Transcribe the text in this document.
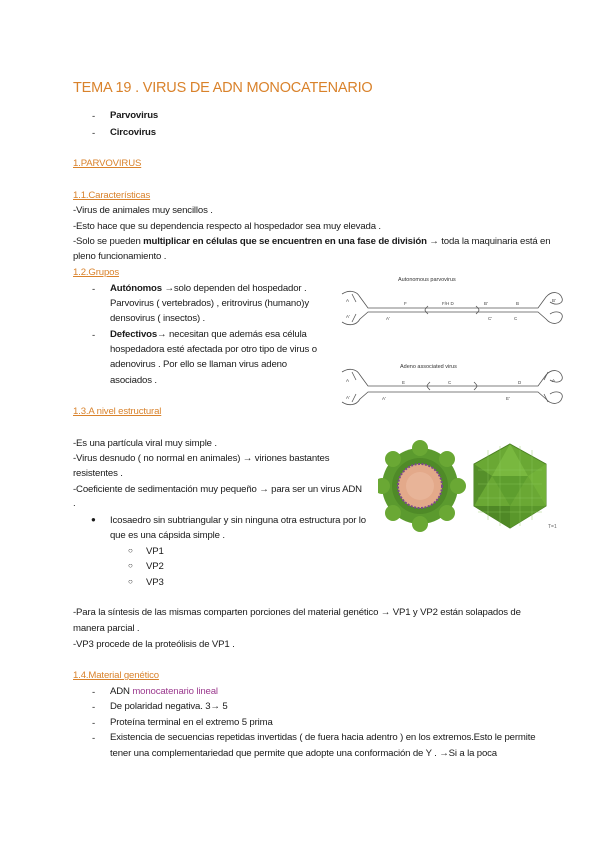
TEMA 19 . VIRUS DE ADN MONOCATENARIO
- Parvovirus
- Circovirus
1.PARVOVIRUS
1.1.Características
-Virus de animales muy sencillos .
-Esto hace que su dependencia respecto al hospedador sea muy elevada .
-Solo se pueden multiplicar en células que se encuentren en una fase de división → toda la maquinaria está en
pleno funcionamiento .
1.2.Grupos
- Autónomos →solo dependen del hospedador .
Parvovirus ( vertebrados) , eritrovirus (humano)y
densovirus ( insectos) .
- Defectivos→ necesitan que además esa célula
hospedadora esté afectada por otro tipo de virus o
adenovirus . Por ello se llaman virus adeno
asociados .
Autonomous parvovirus
A
A'
F	F/H D	B'	B
A'	C'	C
B'
Adeno associated virus
A
A'
E	C	D
A'	E'
A
1.3.A nivel estructural
-Es una partícula viral muy simple .
-Virus desnudo ( no normal en animales) → viriones bastantes
resistentes .
-Coeficiente de sedimentación muy pequeño → para ser un virus ADN
.
● Icosaedro sin subtriangular y sin ninguna otra estructura por lo
que es una cápsida simple .
○ VP1
○ VP2
○ VP3
T=1
-Para la síntesis de las mismas comparten porciones del material genético → VP1 y VP2 están solapados de
manera parcial .
-VP3 procede de la proteólisis de VP1 .
1.4.Material genético
- ADN monocatenario lineal
- De polaridad negativa. 3→ 5
- Proteína terminal en el extremo 5 prima
- Existencia de secuencias repetidas invertidas ( de fuera hacia adentro ) en los extremos.Esto le permite
tener una complementariedad que permite que adopte una conformación de Y . →Si a la poca
